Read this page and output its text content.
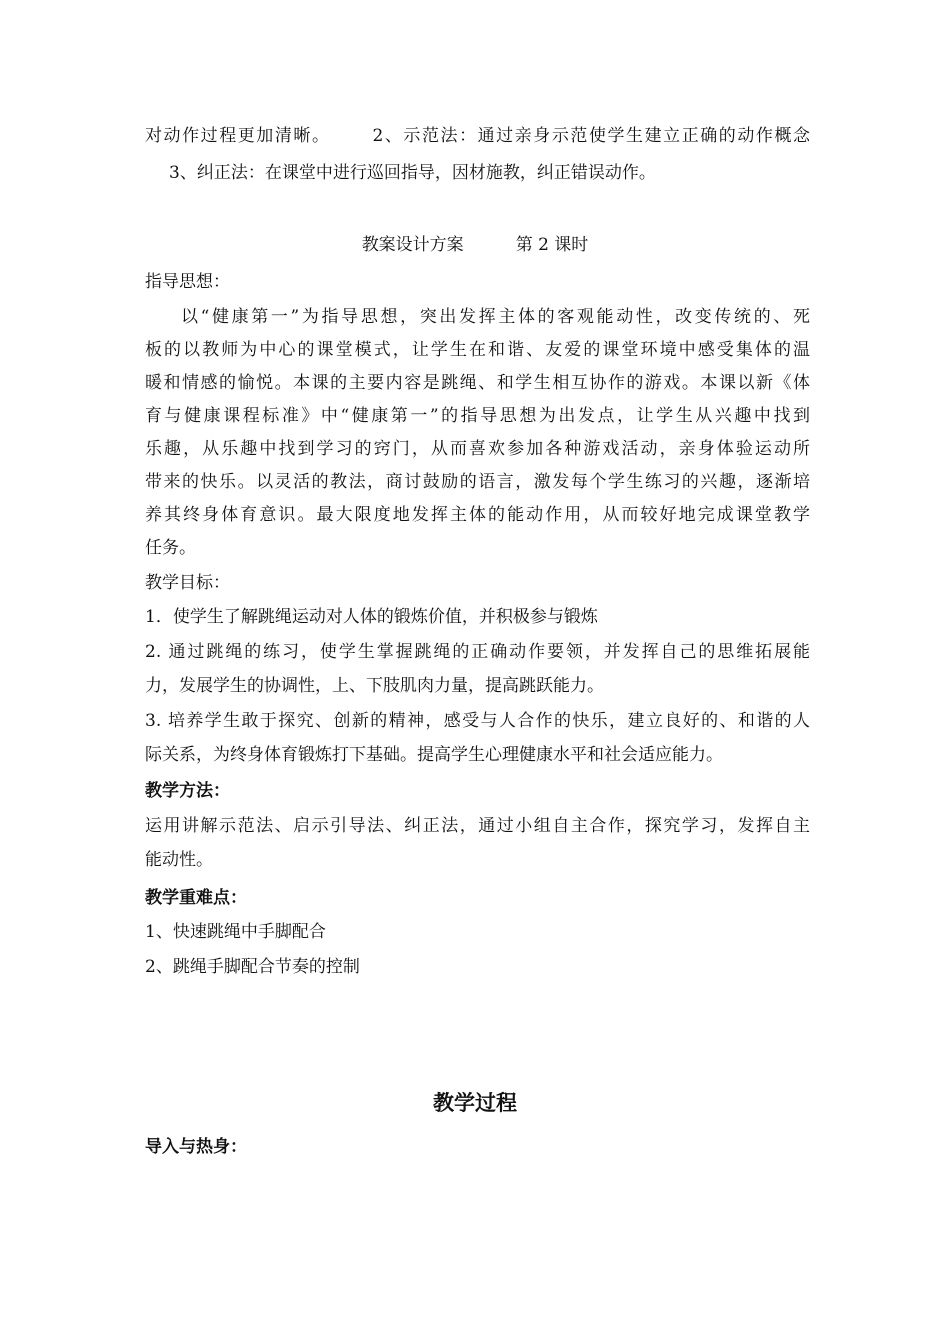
对动作过程更加清晰。 2、示范法：通过亲身示范使学生建立正确的动作概念
3、纠正法：在课堂中进行巡回指导，因材施教，纠正错误动作。
教案设计方案	第 2 课时
指导思想：
以“健康第一”为指导思想，突出发挥主体的客观能动性，改变传统的、死
板的以教师为中心的课堂模式，让学生在和谐、友爱的课堂环境中感受集体的温
暖和情感的愉悦。本课的主要内容是跳绳、和学生相互协作的游戏。本课以新《体
育与健康课程标准》中“健康第一”的指导思想为出发点，让学生从兴趣中找到
乐趣，从乐趣中找到学习的窍门，从而喜欢参加各种游戏活动，亲身体验运动所
带来的快乐。以灵活的教法，商讨鼓励的语言，激发每个学生练习的兴趣，逐渐培
养其终身体育意识。最大限度地发挥主体的能动作用，从而较好地完成课堂教学
任务。
教学目标：
1．使学生了解跳绳运动对人体的锻炼价值，并积极参与锻炼
2. 通过跳绳的练习，使学生掌握跳绳的正确动作要领，并发挥自己的思维拓展能
力，发展学生的协调性，上、下肢肌肉力量，提高跳跃能力。
3. 培养学生敢于探究、创新的精神，感受与人合作的快乐，建立良好的、和谐的人
际关系，为终身体育锻炼打下基础。提高学生心理健康水平和社会适应能力。
教学方法：
运用讲解示范法、启示引导法、纠正法，通过小组自主合作，探究学习，发挥自主
能动性。
教学重难点：
1、快速跳绳中手脚配合
2、跳绳手脚配合节奏的控制
教学过程
导入与热身：
